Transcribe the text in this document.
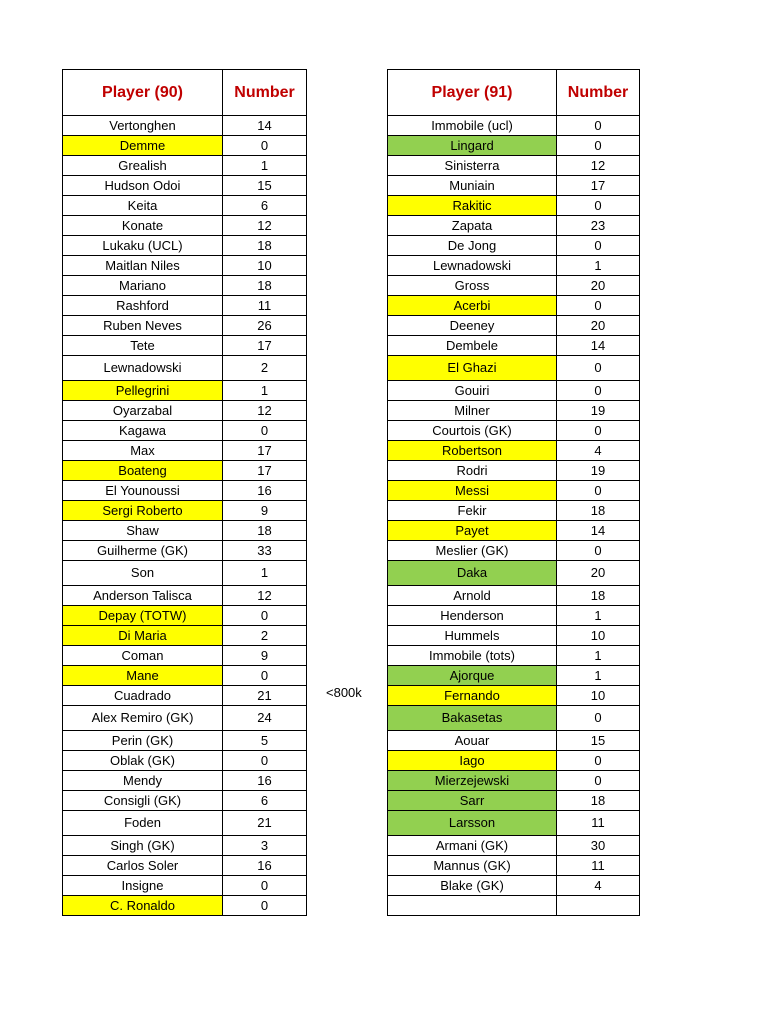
Player (90)	Number
Vertonghen	14
Demme	0
Grealish	1
Hudson Odoi	15
Keita	6
Konate	12
Lukaku (UCL)	18
Maitlan Niles	10
Mariano	18
Rashford	11
Ruben Neves	26
Tete	17
Lewnadowski	2
Pellegrini	1
Oyarzabal	12
Kagawa	0
Max	17
Boateng	17
El Younoussi	16
Sergi Roberto	9
Shaw	18
Guilherme (GK)	33
Son	1
Anderson Talisca	12
Depay (TOTW)	0
Di Maria	2
Coman	9
Mane	0
Cuadrado	21
Alex Remiro (GK)	24
Perin (GK)	5
Oblak (GK)	0
Mendy	16
Consigli (GK)	6
Foden	21
Singh (GK)	3
Carlos Soler	16
Insigne	0
C. Ronaldo	0
<800k
Player (91)	Number
Immobile (ucl)	0
Lingard	0
Sinisterra	12
Muniain	17
Rakitic	0
Zapata	23
De Jong	0
Lewnadowski	1
Gross	20
Acerbi	0
Deeney	20
Dembele	14
El Ghazi	0
Gouiri	0
Milner	19
Courtois (GK)	0
Robertson	4
Rodri	19
Messi	0
Fekir	18
Payet	14
Meslier (GK)	0
Daka	20
Arnold	18
Henderson	1
Hummels	10
Immobile (tots)	1
Ajorque	1
Fernando	10
Bakasetas	0
Aouar	15
Iago	0
Mierzejewski	0
Sarr	18
Larsson	11
Armani (GK)	30
Mannus (GK)	11
Blake (GK)	4
